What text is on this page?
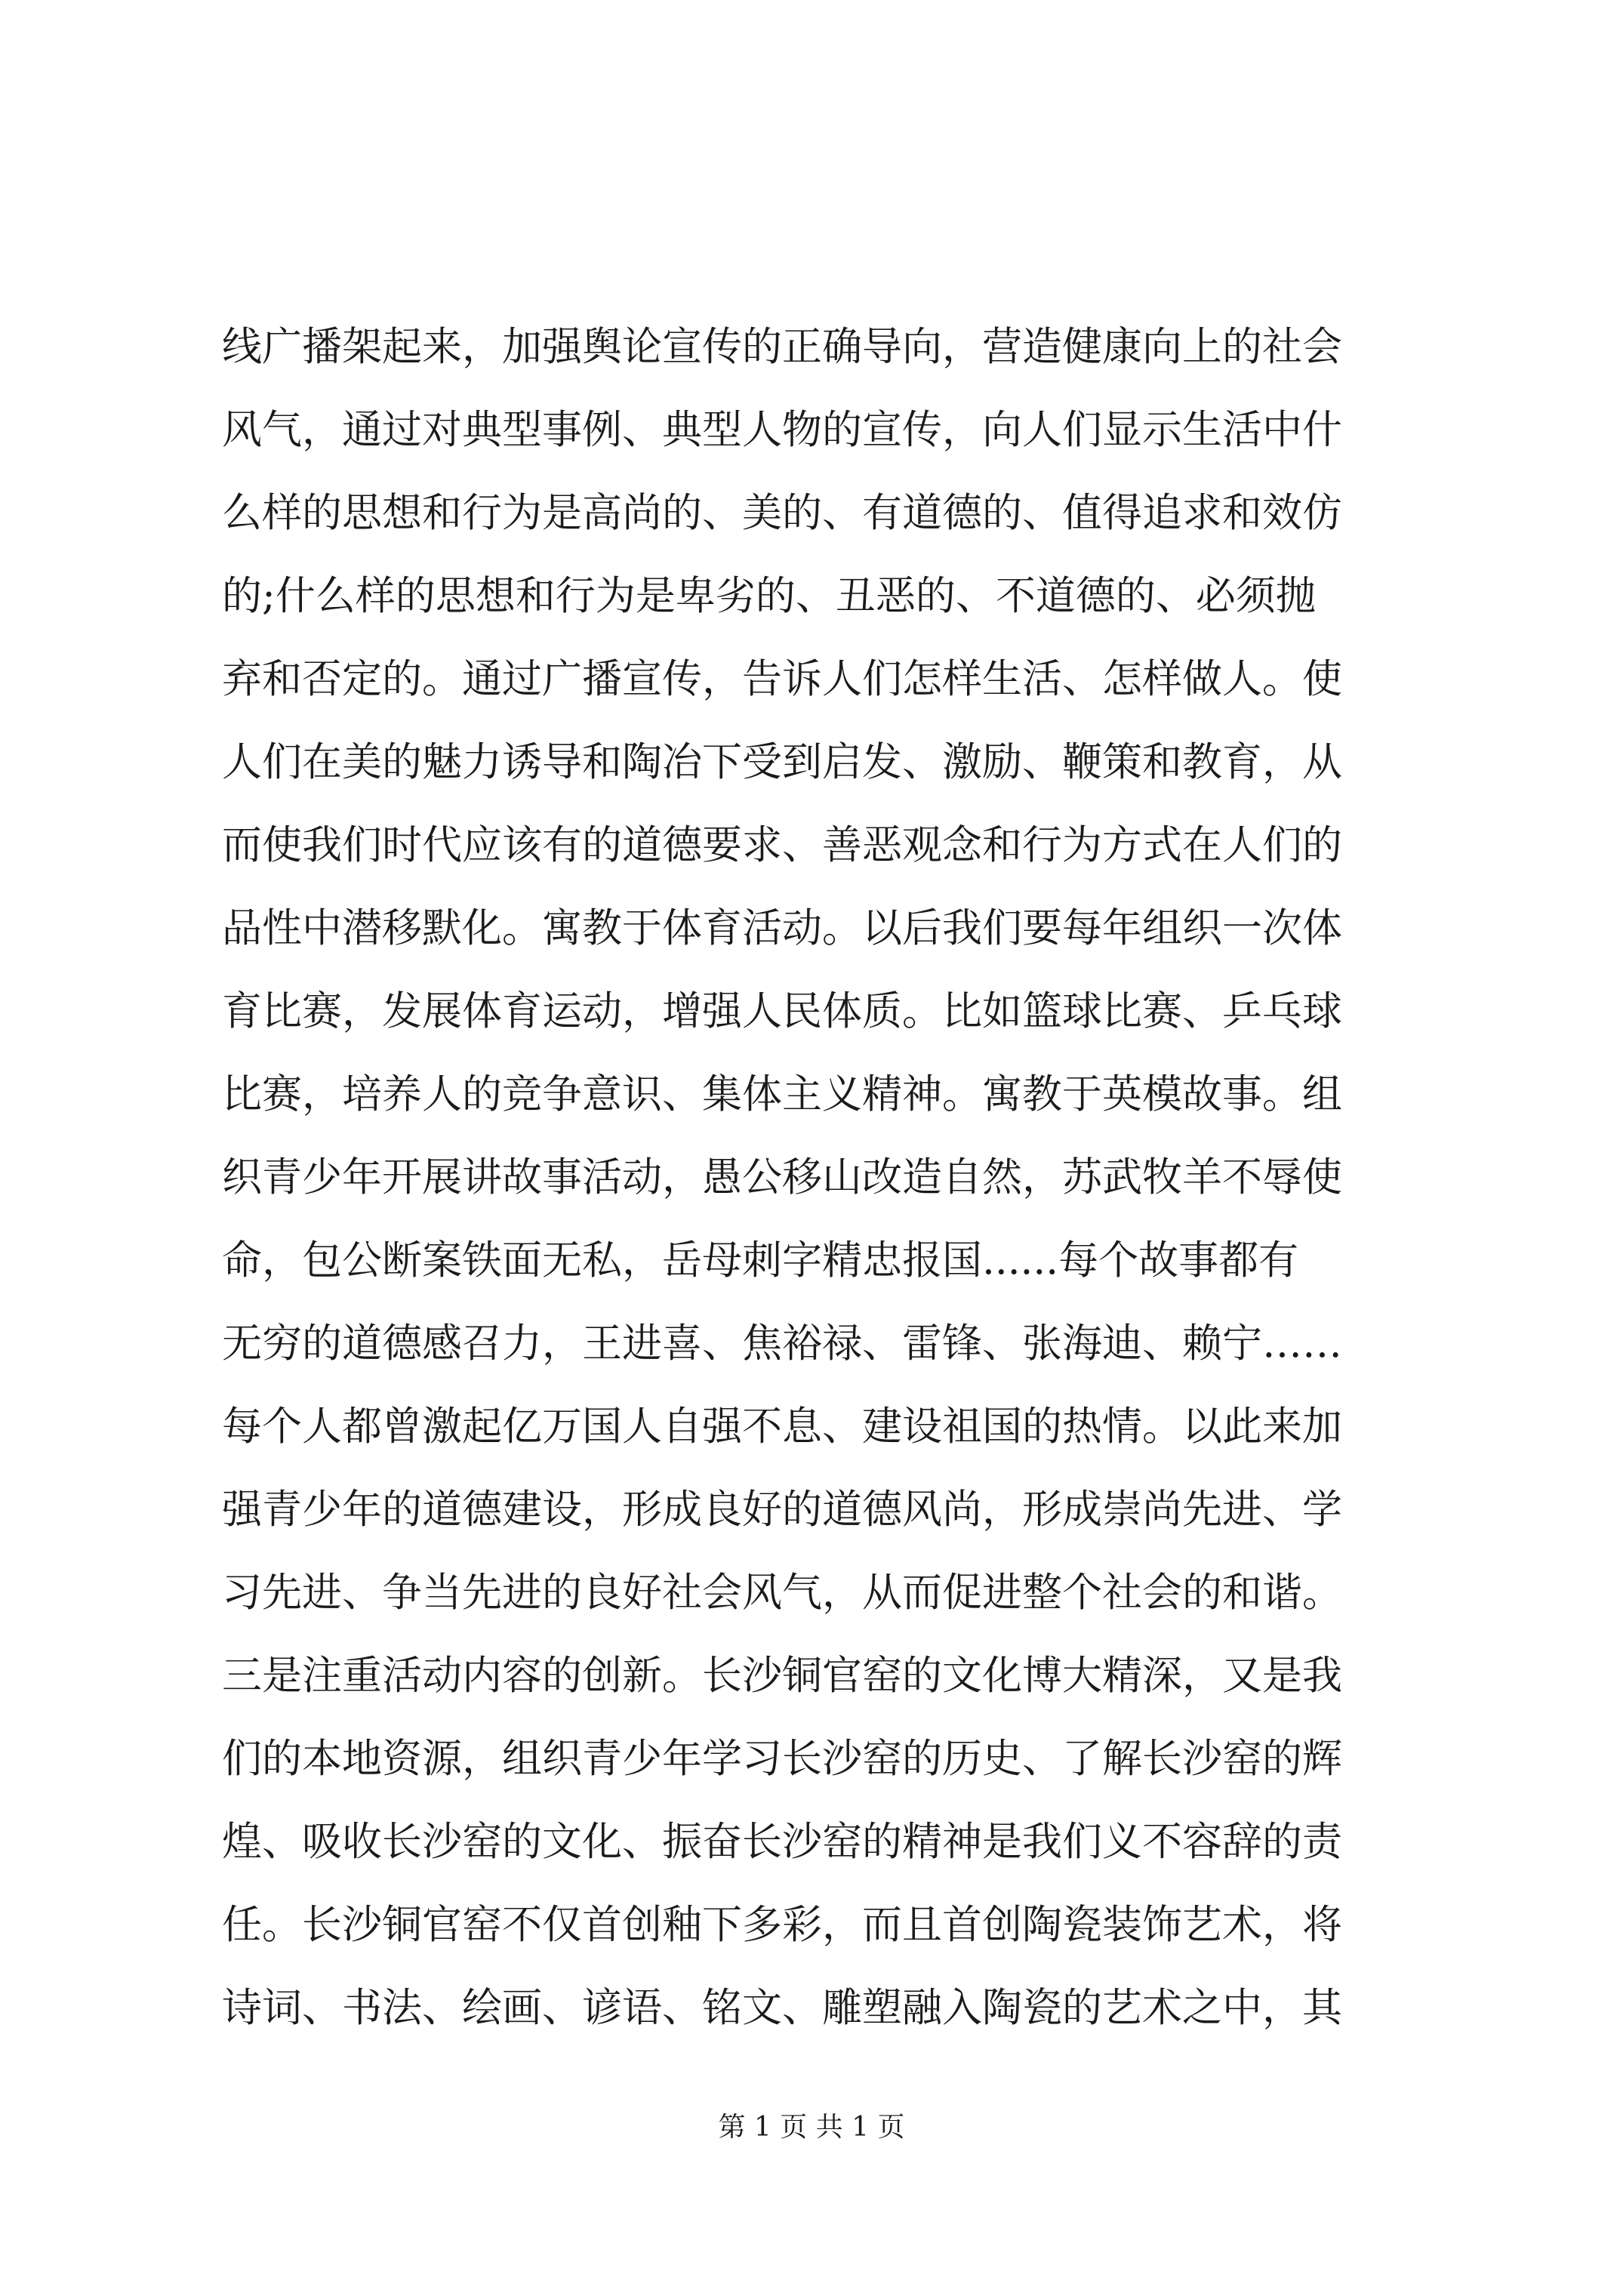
线广播架起来，加强舆论宣传的正确导向，营造健康向上的社会
风气，通过对典型事例、典型人物的宣传，向人们显示生活中什
么样的思想和行为是高尚的、美的、有道德的、值得追求和效仿
的;什么样的思想和行为是卑劣的、丑恶的、不道德的、必须抛
弃和否定的。通过广播宣传，告诉人们怎样生活、怎样做人。使
人们在美的魅力诱导和陶冶下受到启发、激励、鞭策和教育，从
而使我们时代应该有的道德要求、善恶观念和行为方式在人们的
品性中潜移默化。寓教于体育活动。以后我们要每年组织一次体
育比赛，发展体育运动，增强人民体质。比如篮球比赛、乒乓球
比赛，培养人的竞争意识、集体主义精神。寓教于英模故事。组
织青少年开展讲故事活动，愚公移山改造自然，苏武牧羊不辱使
命，包公断案铁面无私，岳母刺字精忠报国......每个故事都有
无穷的道德感召力，王进喜、焦裕禄、雷锋、张海迪、赖宁……
每个人都曾激起亿万国人自强不息、建设祖国的热情。以此来加
强青少年的道德建设，形成良好的道德风尚，形成崇尚先进、学
习先进、争当先进的良好社会风气，从而促进整个社会的和谐。
三是注重活动内容的创新。长沙铜官窑的文化博大精深，又是我
们的本地资源，组织青少年学习长沙窑的历史、了解长沙窑的辉
煌、吸收长沙窑的文化、振奋长沙窑的精神是我们义不容辞的责
任。长沙铜官窑不仅首创釉下多彩，而且首创陶瓷装饰艺术，将
诗词、书法、绘画、谚语、铭文、雕塑融入陶瓷的艺术之中，其
第 1 页 共 1 页
